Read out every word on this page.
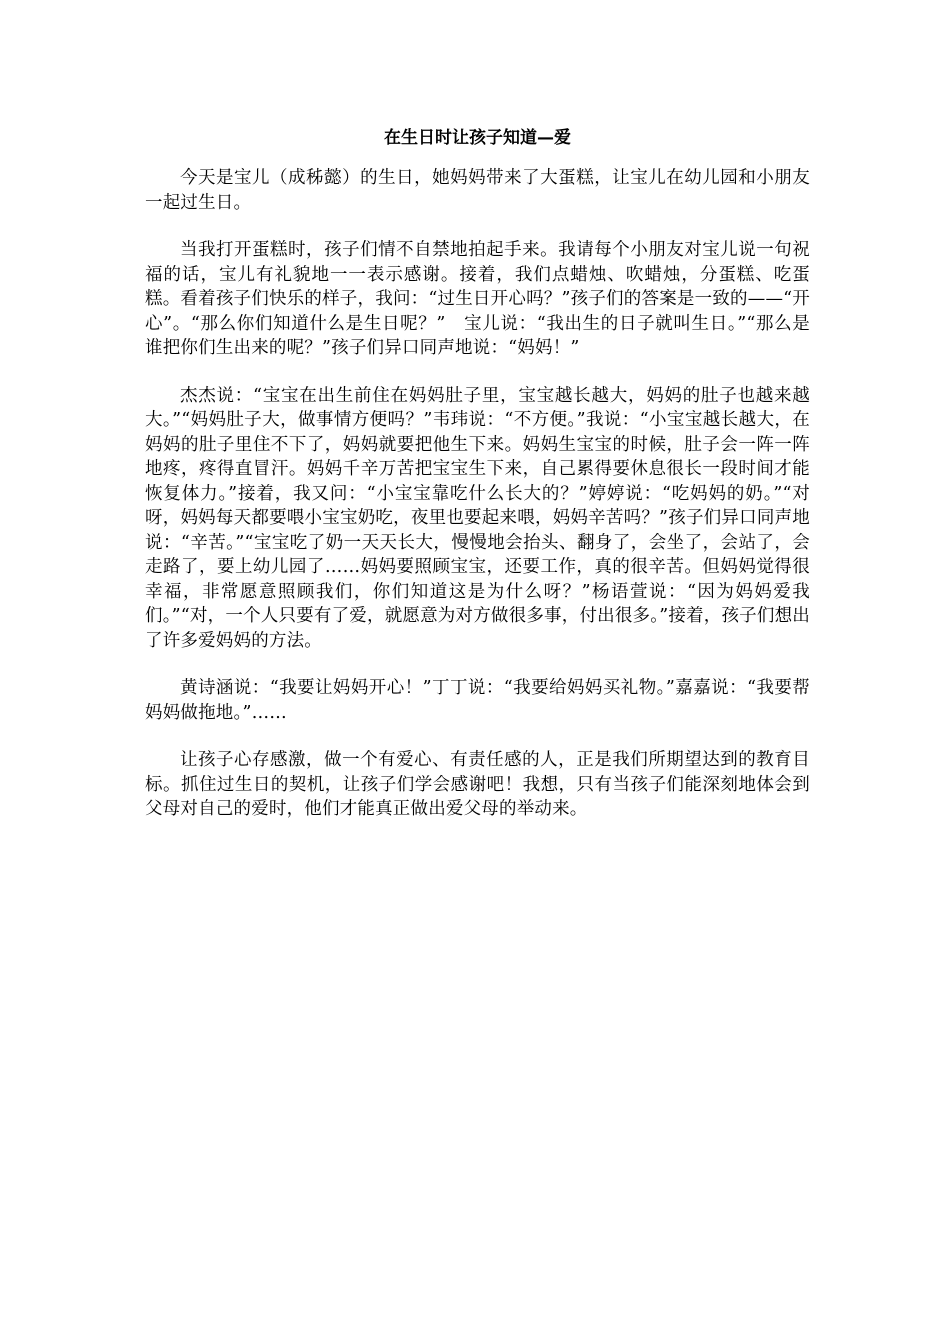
在生日时让孩子知道—爱

今天是宝儿（成秭懿）的生日，她妈妈带来了大蛋糕，让宝儿在幼儿园和小朋友一起过生日。

当我打开蛋糕时，孩子们情不自禁地拍起手来。我请每个小朋友对宝儿说一句祝福的话，宝儿有礼貌地一一表示感谢。接着，我们点蜡烛、吹蜡烛，分蛋糕、吃蛋糕。看着孩子们快乐的样子，我问：“过生日开心吗？”孩子们的答案是一致的——“开心”。“那么你们知道什么是生日呢？”　宝儿说：“我出生的日子就叫生日。”“那么是谁把你们生出来的呢？”孩子们异口同声地说：“妈妈！”

杰杰说：“宝宝在出生前住在妈妈肚子里，宝宝越长越大，妈妈的肚子也越来越大。”“妈妈肚子大，做事情方便吗？”韦玮说：“不方便。”我说：“小宝宝越长越大，在妈妈的肚子里住不下了，妈妈就要把他生下来。妈妈生宝宝的时候，肚子会一阵一阵地疼，疼得直冒汗。妈妈千辛万苦把宝宝生下来，自己累得要休息很长一段时间才能恢复体力。”接着，我又问：“小宝宝靠吃什么长大的？”婷婷说：“吃妈妈的奶。”“对呀，妈妈每天都要喂小宝宝奶吃，夜里也要起来喂，妈妈辛苦吗？”孩子们异口同声地说：“辛苦。”“宝宝吃了奶一天天长大，慢慢地会抬头、翻身了，会坐了，会站了，会走路了，要上幼儿园了……妈妈要照顾宝宝，还要工作，真的很辛苦。但妈妈觉得很幸福，非常愿意照顾我们，你们知道这是为什么呀？”杨语萱说：“因为妈妈爱我们。”“对，一个人只要有了爱，就愿意为对方做很多事，付出很多。”接着，孩子们想出了许多爱妈妈的方法。

黄诗涵说：“我要让妈妈开心！”丁丁说：“我要给妈妈买礼物。”嘉嘉说：“我要帮妈妈做拖地。”……

让孩子心存感激，做一个有爱心、有责任感的人，正是我们所期望达到的教育目标。抓住过生日的契机，让孩子们学会感谢吧！我想，只有当孩子们能深刻地体会到父母对自己的爱时，他们才能真正做出爱父母的举动来。
